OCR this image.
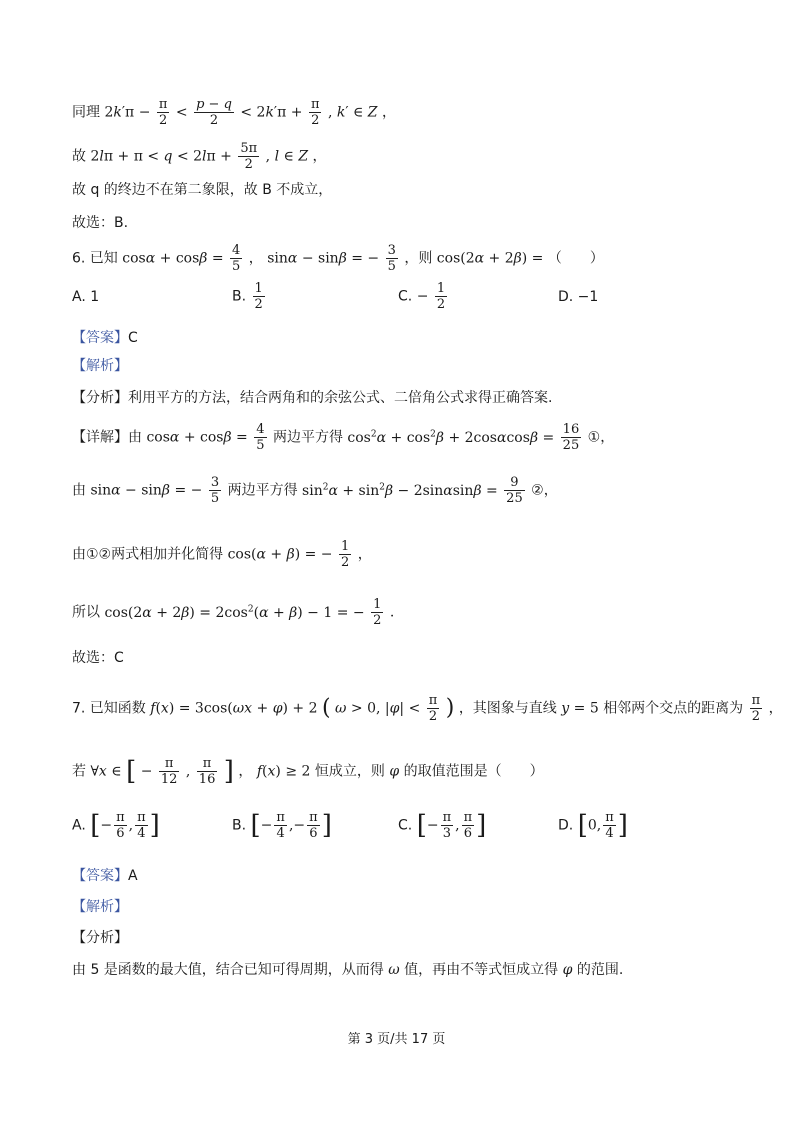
同理 $2k'\pi - \frac{\pi}{2} < \frac{p - q}{2} < 2k'\pi + \frac{\pi}{2}$ , k′ ∈ Z ，
故 $2l\pi + \pi < q < 2l\pi + \frac{5\pi}{2}$ , l ∈ Z ，
故 q 的终边不在第二象限，故 B 不成立，
故选：B.
6. 已知 $\cos\alpha + \cos\beta = \frac{4}{5}$ ， sinα − sinβ = − $\frac{3}{5}$ ，则 cos(2α + 2β) = （　　）
A. 1	B. $\frac{1}{2}$	C. − $\frac{1}{2}$	D. −1
【答案】C
【解析】
【分析】利用平方的方法，结合两角和的余弦公式、二倍角公式求得正确答案.
【详解】由 $\cos\alpha + \cos\beta = \frac{4}{5}$ 两边平方得 $\cos^2\alpha + \cos^2\beta + 2\cos\alpha\cos\beta = \frac{16}{25}$ ①，
由 sinα − sinβ = − $\frac{3}{5}$ 两边平方得 $\sin^2\alpha + \sin^2\beta - 2\sin\alpha\sin\beta = \frac{9}{25}$ ②，
由①②两式相加并化简得 cos(α + β) = − $\frac{1}{2}$ ，
所以 $\cos(2\alpha + 2\beta) = 2\cos^2(\alpha + \beta) - 1$ = − $\frac{1}{2}$ .
故选：C
7. 已知函数 f(x) = 3cos(ωx + φ) + 2 ( ω > 0, $|\varphi| < \frac{\pi}{2}$ ) ，其图象与直线 y = 5 相邻两个交点的距离为 $\frac{\pi}{2}$ ，
若 ∀x ∈ [ − $\frac{\pi}{12}$ , $\frac{\pi}{16}$ ] ， f(x) ≥ 2 恒成立，则 φ 的取值范围是（　　）
A. [− $\frac{\pi}{6}$ , $\frac{\pi}{4}$ ]	B. [− $\frac{\pi}{4}$ ,− $\frac{\pi}{6}$ ]	C. [− $\frac{\pi}{3}$ , $\frac{\pi}{6}$ ]	D. [0, $\frac{\pi}{4}$ ]
【答案】A
【解析】
【分析】
由 5 是函数的最大值，结合已知可得周期，从而得 ω 值，再由不等式恒成立得 φ 的范围.
第 3 页/共 17 页
